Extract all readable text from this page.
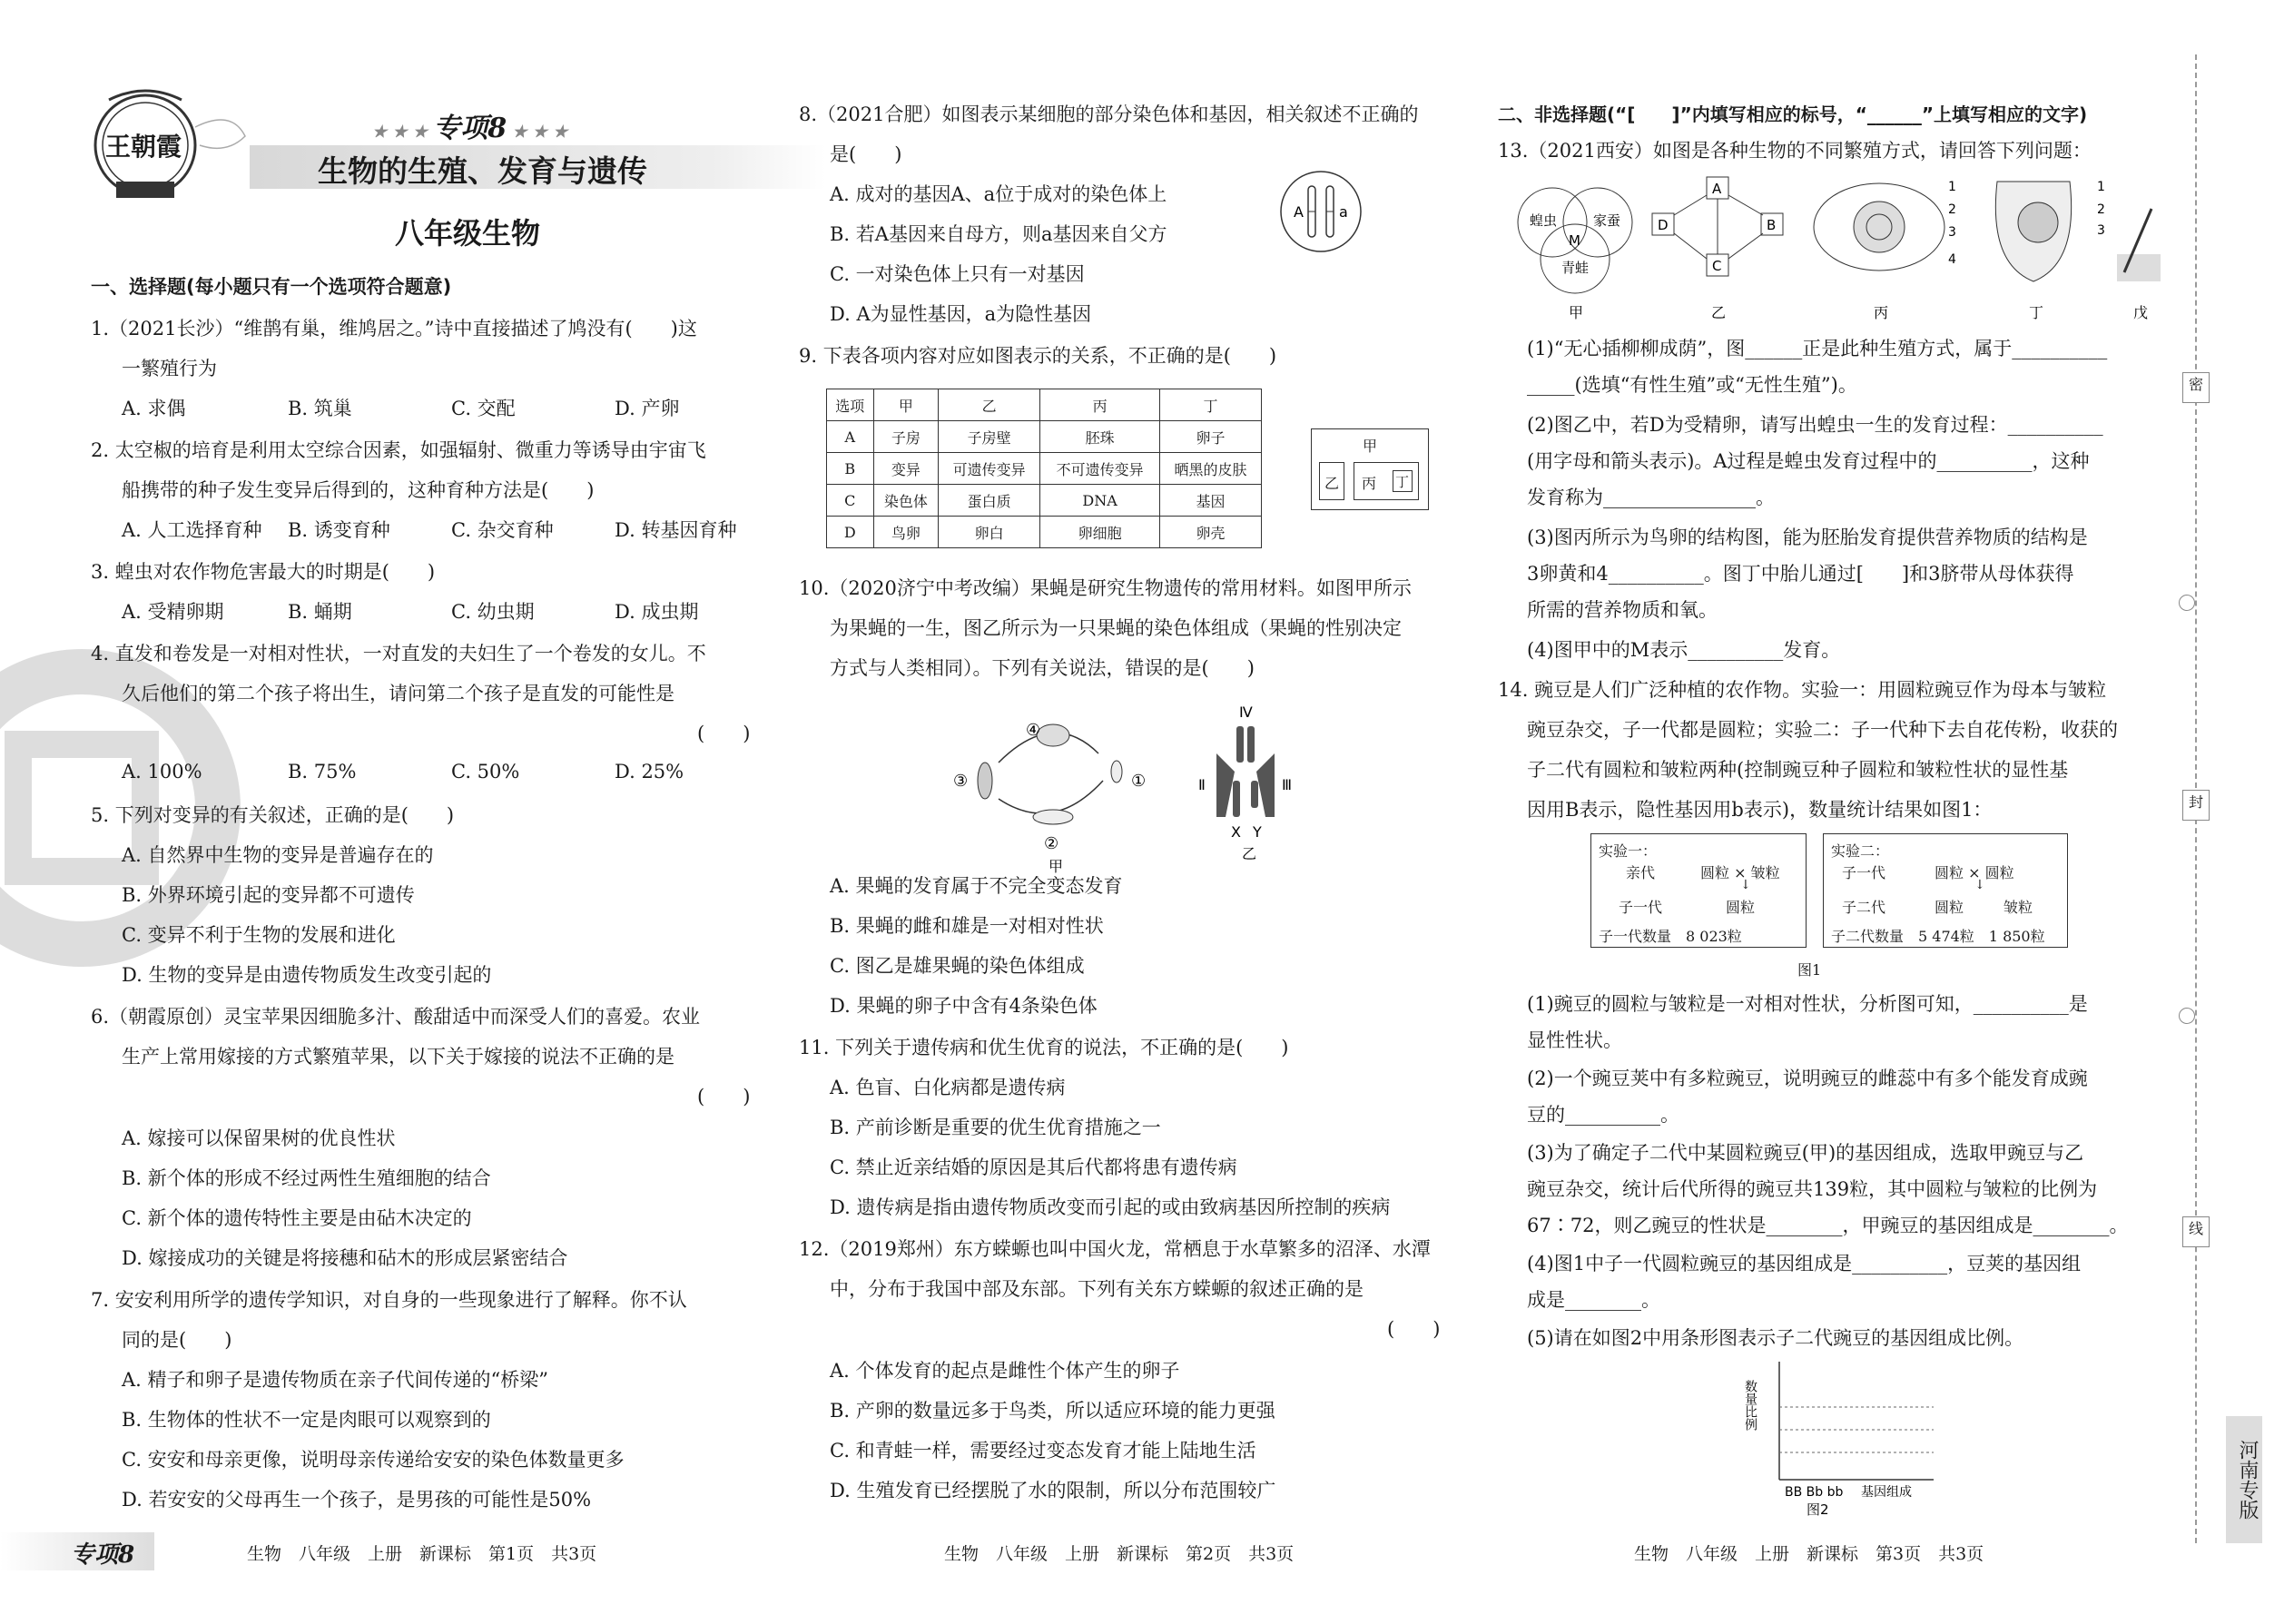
王朝霞	★ ★ ★ 专项8 ★ ★ ★
生物的生殖、发育与遗传
八年级生物
一、选择题(每小题只有一个选项符合题意)
1.（2021长沙）“维鹊有巢，维鸠居之。”诗中直接描述了鸠没有(　　)这
一繁殖行为
A. 求偶	B. 筑巢	C. 交配	D. 产卵
2. 太空椒的培育是利用太空综合因素，如强辐射、微重力等诱导由宇宙飞
船携带的种子发生变异后得到的，这种育种方法是(　　)
A. 人工选择育种 B. 诱变育种	C. 杂交育种	D. 转基因育种
3. 蝗虫对农作物危害最大的时期是(　　)
A. 受精卵期	B. 蛹期	C. 幼虫期	D. 成虫期
4. 直发和卷发是一对相对性状，一对直发的夫妇生了一个卷发的女儿。不
久后他们的第二个孩子将出生，请问第二个孩子是直发的可能性是
(　　)
A. 100%	B. 75%	C. 50%	D. 25%
5. 下列对变异的有关叙述，正确的是(　　)
A. 自然界中生物的变异是普遍存在的
B. 外界环境引起的变异都不可遗传
C. 变异不利于生物的发展和进化
D. 生物的变异是由遗传物质发生改变引起的
6.（朝霞原创）灵宝苹果因细脆多汁、酸甜适中而深受人们的喜爱。农业
生产上常用嫁接的方式繁殖苹果，以下关于嫁接的说法不正确的是
(　　)
A. 嫁接可以保留果树的优良性状
B. 新个体的形成不经过两性生殖细胞的结合
C. 新个体的遗传特性主要是由砧木决定的
D. 嫁接成功的关键是将接穗和砧木的形成层紧密结合
7. 安安利用所学的遗传学知识，对自身的一些现象进行了解释。你不认
同的是(　　)
A. 精子和卵子是遗传物质在亲子代间传递的“桥梁”
B. 生物体的性状不一定是肉眼可以观察到的
C. 安安和母亲更像，说明母亲传递给安安的染色体数量更多
D. 若安安的父母再生一个孩子，是男孩的可能性是50%
专项8	生物　八年级　上册　新课标　第1页　共3页
8.（2021合肥）如图表示某细胞的部分染色体和基因，相关叙述不正确的
是(　　)
A. 成对的基因A、a位于成对的染色体上
B. 若A基因来自母方，则a基因来自父方
C. 一对染色体上只有一对基因
D. A为显性基因，a为隐性基因
A a
9. 下表各项内容对应如图表示的关系，不正确的是(　　)
选项	甲	乙	丙	丁
A	子房	子房壁	胚珠	卵子
B	变异	可遗传变异	不可遗传变异	晒黑的皮肤
C	染色体	蛋白质	DNA	基因
D	鸟卵	卵白	卵细胞	卵壳
甲
乙 丙 丁
10.（2020济宁中考改编）果蝇是研究生物遗传的常用材料。如图甲所示
为果蝇的一生，图乙所示为一只果蝇的染色体组成（果蝇的性别决定
方式与人类相同）。下列有关说法，错误的是(　　)
④
③
②
①
甲
Ⅳ
Ⅱ	Ⅲ
X Y
乙
A. 果蝇的发育属于不完全变态发育
B. 果蝇的雌和雄是一对相对性状
C. 图乙是雄果蝇的染色体组成
D. 果蝇的卵子中含有4条染色体
11. 下列关于遗传病和优生优育的说法，不正确的是(　　)
A. 色盲、白化病都是遗传病
B. 产前诊断是重要的优生优育措施之一
C. 禁止近亲结婚的原因是其后代都将患有遗传病
D. 遗传病是指由遗传物质改变而引起的或由致病基因所控制的疾病
12.（2019郑州）东方蝾螈也叫中国火龙，常栖息于水草繁多的沼泽、水潭
中，分布于我国中部及东部。下列有关东方蝾螈的叙述正确的是
(　　)
A. 个体发育的起点是雌性个体产生的卵子
B. 产卵的数量远多于鸟类，所以适应环境的能力更强
C. 和青蛙一样，需要经过变态发育才能上陆地生活
D. 生殖发育已经摆脱了水的限制，所以分布范围较广
生物　八年级　上册　新课标　第2页　共3页
二、非选择题(“[　　]”内填写相应的标号，“______”上填写相应的文字)
13.（2021西安）如图是各种生物的不同繁殖方式，请回答下列问题：
蝗虫	家蚕
青蛙
M
甲
A
B
C
D
乙
1
2
3
4
丙
1
2
3
丁	戊
(1)“无心插柳柳成荫”，图______正是此种生殖方式，属于__________
_____(选填“有性生殖”或“无性生殖”)。
(2)图乙中，若D为受精卵，请写出蝗虫一生的发育过程：__________
(用字母和箭头表示)。A过程是蝗虫发育过程中的__________，这种
发育称为________________。
(3)图丙所示为鸟卵的结构图，能为胚胎发育提供营养物质的结构是
3卵黄和4__________。图丁中胎儿通过[　　]和3脐带从母体获得
所需的营养物质和氧。
(4)图甲中的M表示__________发育。
14. 豌豆是人们广泛种植的农作物。实验一：用圆粒豌豆作为母本与皱粒
豌豆杂交，子一代都是圆粒；实验二：子一代种下去自花传粉，收获的
子二代有圆粒和皱粒两种(控制豌豆种子圆粒和皱粒性状的显性基
因用B表示，隐性基因用b表示)，数量统计结果如图1：
实验一：
亲代	圆粒 × 皱粒
↓
子一代	圆粒
子一代数量　8 023粒
实验二：
子一代	圆粒 × 圆粒
↓
子二代	圆粒	皱粒
子二代数量　5 474粒　1 850粒
图1
(1)豌豆的圆粒与皱粒是一对相对性状，分析图可知，__________是
显性性状。
(2)一个豌豆荚中有多粒豌豆，说明豌豆的雌蕊中有多个能发育成豌
豆的__________。
(3)为了确定子二代中某圆粒豌豆(甲)的基因组成，选取甲豌豆与乙
豌豆杂交，统计后代所得的豌豆共139粒，其中圆粒与皱粒的比例为
67∶72，则乙豌豆的性状是________，甲豌豆的基因组成是________。
(4)图1中子一代圆粒豌豆的基因组成是__________，豆荚的基因组
成是________。
(5)请在如图2中用条形图表示子二代豌豆的基因组成比例。
数量比例
BB Bb bb 基因组成
图2
生物　八年级　上册　新课标　第3页　共3页
密
封
线
河南专版
